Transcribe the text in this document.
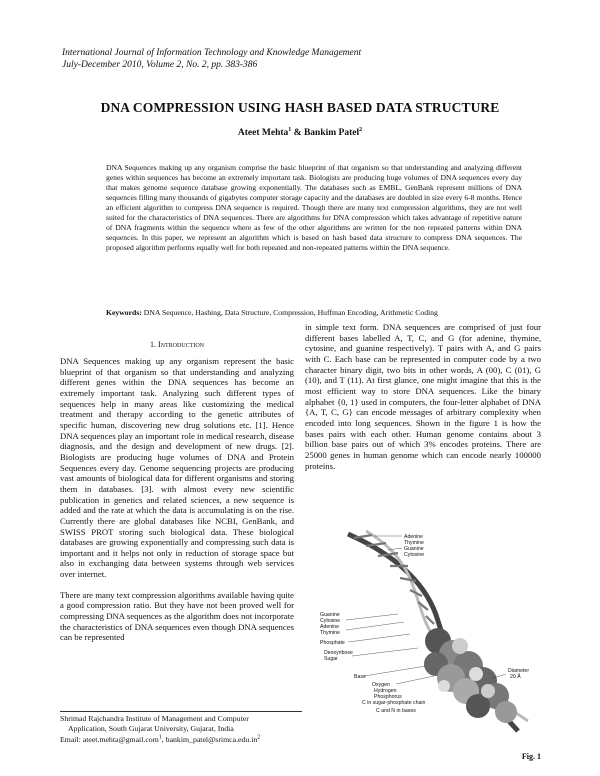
International Journal of Information Technology and Knowledge Management
July-December 2010, Volume 2, No. 2, pp. 383-386
DNA COMPRESSION USING HASH BASED DATA STRUCTURE
Ateet Mehta$^1$ & Bankim Patel$^2$
DNA Sequences making up any organism comprise the basic blueprint of that organism so that understanding and analyzing different genes within sequences has become an extremely important task. Biologists are producing huge volumes of DNA sequences every day that makes genome sequence database growing exponentially. The databases such as EMBL, GenBank represent millions of DNA sequences filling many thousands of gigabytes computer storage capacity and the databases are doubled in size every 6-8 months. Hence an efficient algorithm to compress DNA sequence is required. Though there are many text compression algorithms, they are not well suited for the characteristics of DNA sequences. There are algorithms for DNA compression which takes advantage of repetitive nature of DNA fragments within the sequence where as few of the other algorithms are written for the non repeated patterns within DNA sequences. In this paper, we represent an algorithm which is based on hash based data structure to compress DNA sequences. The proposed algorithm performs equally well for both repeated and non-repeated patterns within the DNA sequence.
Keywords: DNA Sequence, Hashing, Data Structure, Compression, Huffman Encoding, Arithmetic Coding
1. Introduction

DNA Sequences making up any organism represent the basic blueprint of that organism so that understanding and analyzing different genes within the DNA sequences has become an extremely important task. Analyzing such different types of sequences help in many areas like customizing the medical treatment and therapy according to the genetic attributes of specific human, discovering new drug solutions etc. [1]. Hence DNA sequences play an important role in medical research, disease diagnosis, and the design and development of new drugs. [2]. Biologists are producing huge volumes of DNA and Protein Sequences every day. Genome sequencing projects are producing vast amounts of biological data for different organisms and storing them in databases. [3]. with almost every new scientific publication in genetics and related sciences, a new sequence is added and the rate at which the data is accumulating is on the rise. Currently there are global databases like NCBI, GenBank, and SWISS PROT storing such biological data. These biological databases are growing exponentially and compressing such data is important and it helps not only in reduction of storage space but also in exchanging data between systems through web services over internet.

There are many text compression algorithms available having quite a good compression ratio. But they have not been proved well for compressing DNA sequences as the algorithm does not incorporate the characteristics of DNA sequences even though DNA sequences can be represented

in simple text form. DNA sequences are comprised of just four different bases labelled A, T, C, and G (for adenine, thymine, cytosine, and guanine respectively). T pairs with A, and G pairs with C. Each base can be represented in computer code by a two character binary digit, two bits in other words, A (00), C (01), G (10), and T (11). At first glance, one might imagine that this is the most efficient way to store DNA sequences. Like the binary alphabet {0, 1} used in computers, the four-letter alphabet of DNA {A, T, C, G} can encode messages of arbitrary complexity when encoded into long sequences. Shown in the figure 1 is how the bases pairs with each other. Human genome contains about 3 billion base pairs out of which 3% encodes proteins. There are 25000 genes in human genome which can encode nearly 100000 proteins.

Shrimad Rajchandra Institute of Management and Computer
Application, South Gujarat University, Gujarat, India
Email: ateet.mehta@gmail.com$^1$, $bankim\_patel@srimca.edu.in^2$
Adenine
Thymine
Guanine
Cytosine
Guanine
Cytosine
Adenine
Thymine
Phosphate
Deoxyribose
Sugar
Base
Oxygen
Hydrogen
Phosphorus
C in sugar-phosphate chain
C and N in bases
Diameter
20 Å
Fig. 1
